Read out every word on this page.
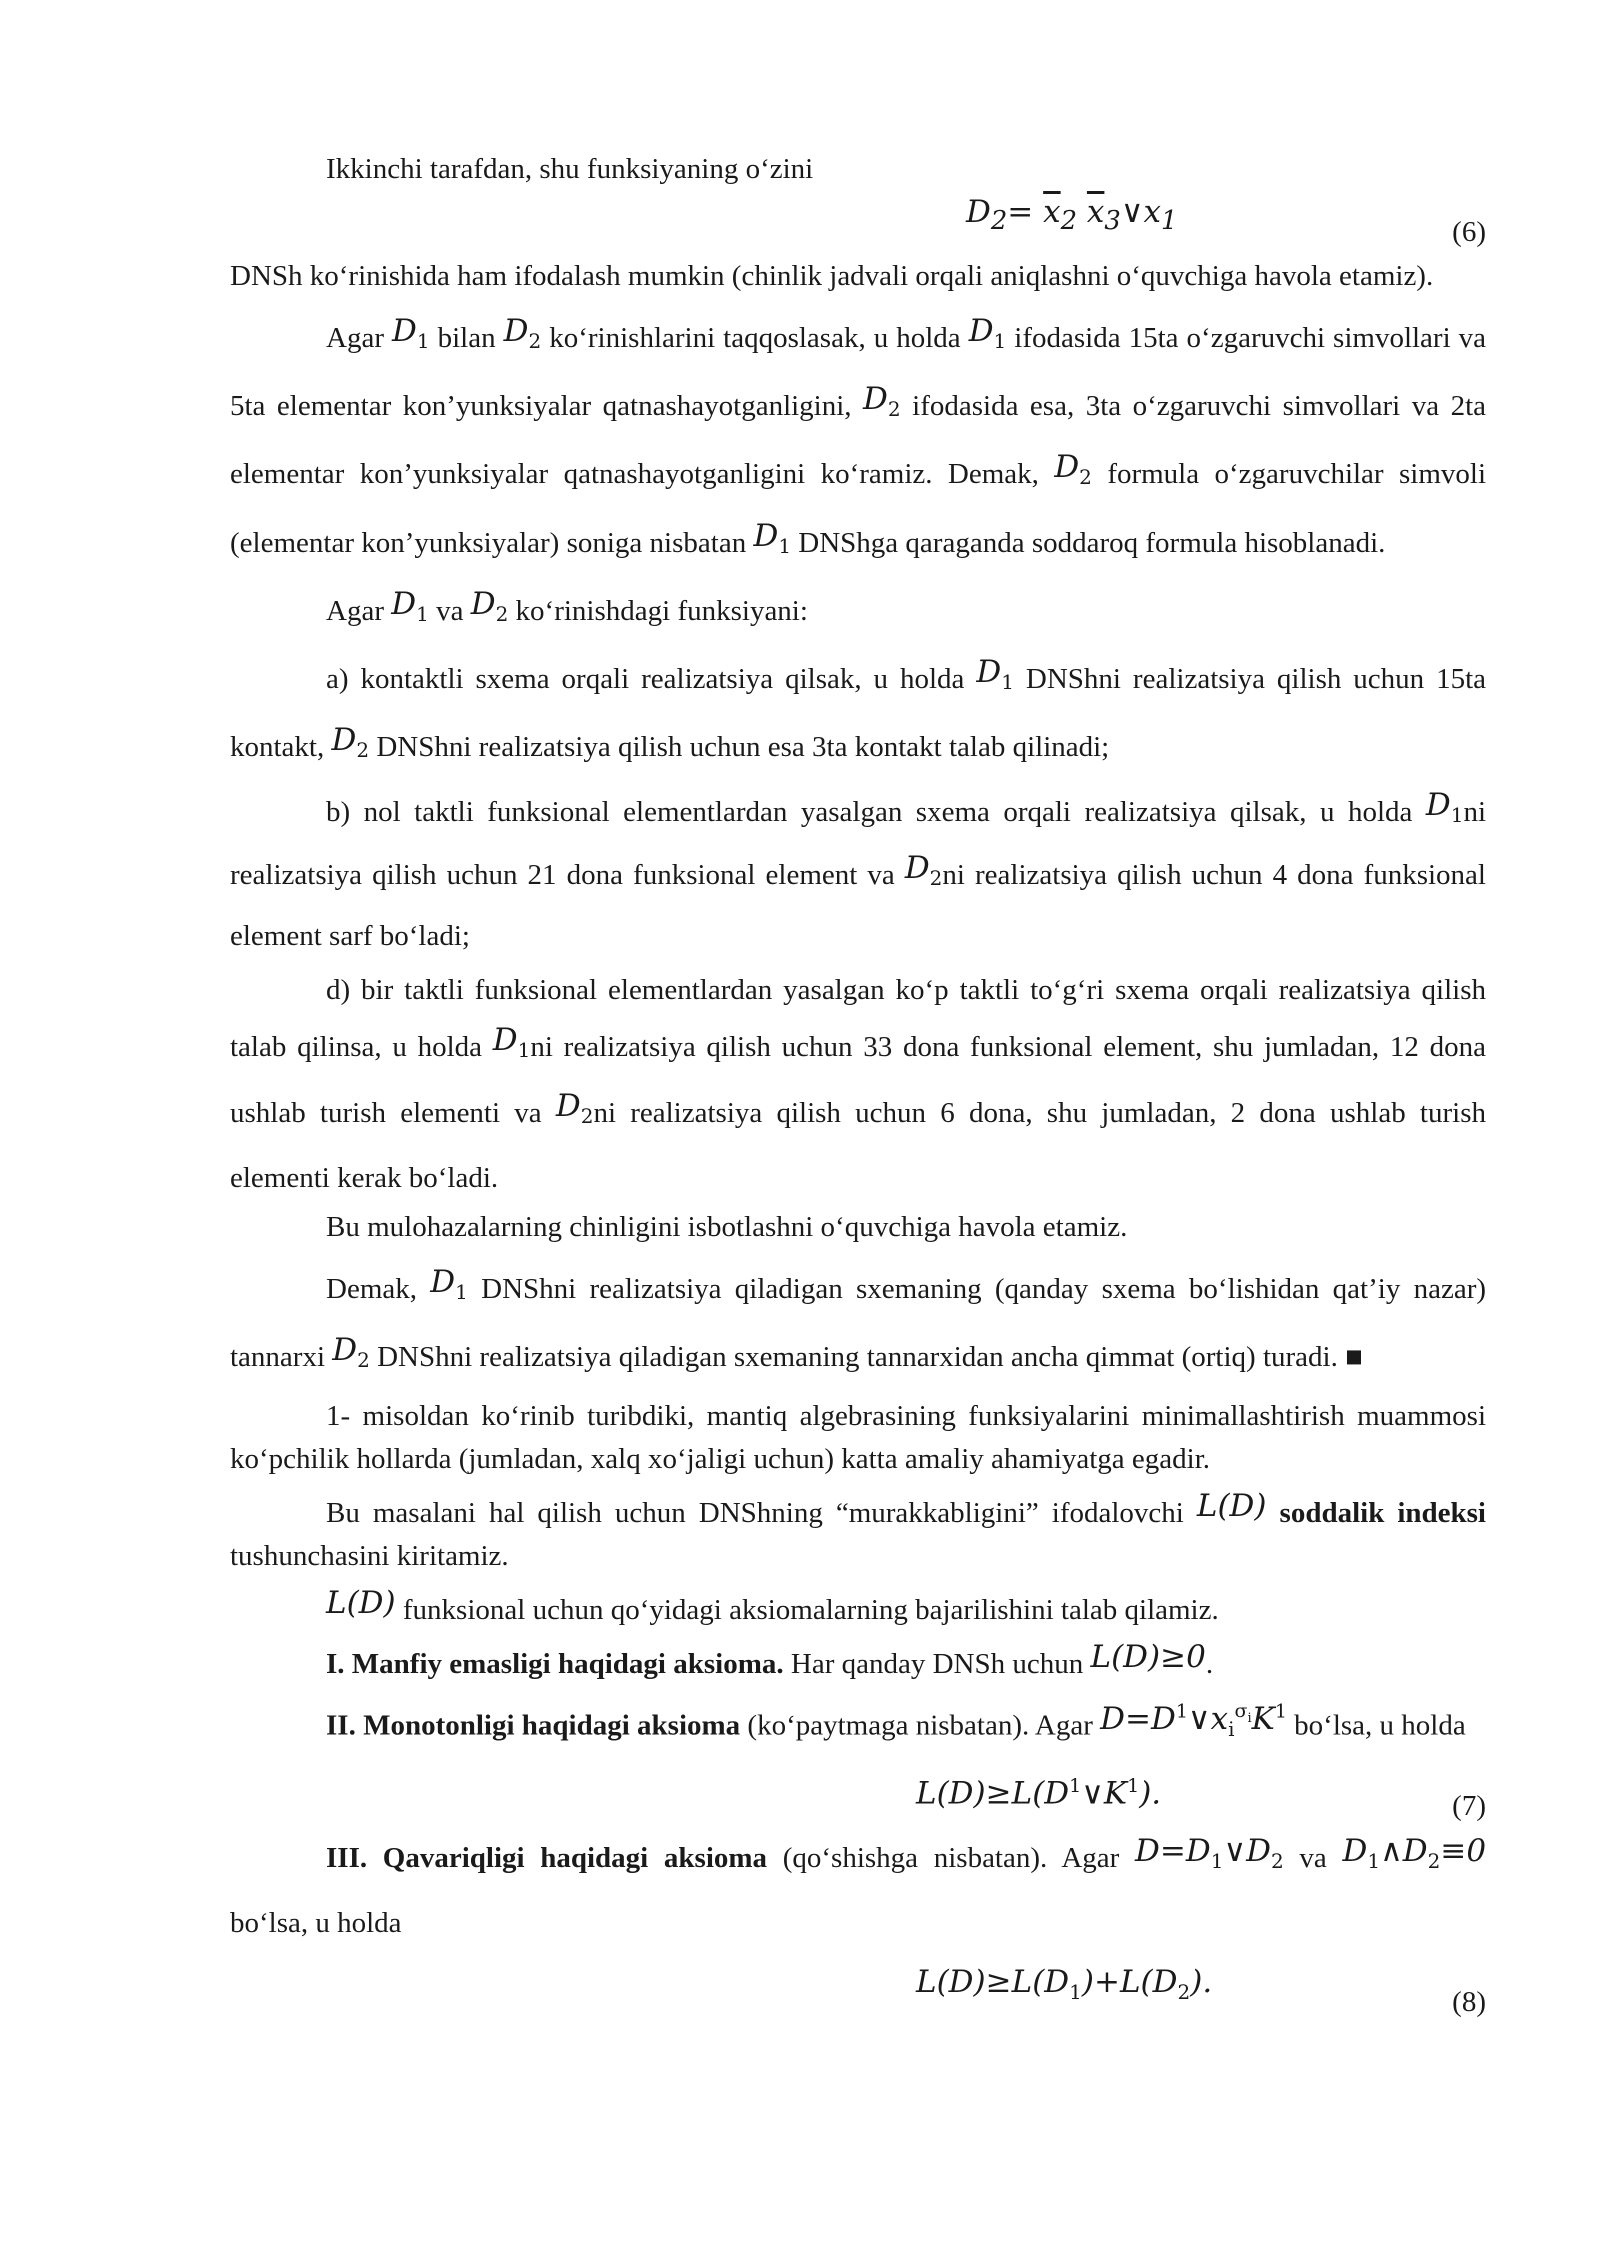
Ikkinchi tarafdan, shu funksiyaning o‘zini

$D_2= \overline{x}_2$ $\overline{x}_3\vee x_1$	(6)

DNSh ko‘rinishida ham ifodalash mumkin (chinlik jadvali orqali aniqlashni o‘quvchiga havola etamiz).

Agar $D_1$ bilan $D_2$ ko‘rinishlarini taqqoslasak, u holda $D_1$ ifodasida 15ta o‘zgaruvchi simvollari va 5ta elementar kon’yunksiyalar qatnashayotganligini, $D_2$ ifodasida esa, 3ta o‘zgaruvchi simvollari va 2ta elementar kon’yunksiyalar qatnashayotganligini ko‘ramiz. Demak, $D_2$ formula o‘zgaruvchilar simvoli (elementar kon’yunksiyalar) soniga nisbatan $D_1$ DNShga qaraganda soddaroq formula hisoblanadi.

Agar $D_1$ va $D_2$ ko‘rinishdagi funksiyani:

a) kontaktli sxema orqali realizatsiya qilsak, u holda $D_1$ DNShni realizatsiya qilish uchun 15ta kontakt, $D_2$ DNShni realizatsiya qilish uchun esa 3ta kontakt talab qilinadi;

b) nol taktli funksional elementlardan yasalgan sxema orqali realizatsiya qilsak, u holda $D_1ni$ realizatsiya qilish uchun 21 dona funksional element va $D_2ni$ realizatsiya qilish uchun 4 dona funksional element sarf bo‘ladi;

d) bir taktli funksional elementlardan yasalgan ko‘p taktli to‘g‘ri sxema orqali realizatsiya qilish talab qilinsa, u holda $D_1ni$ realizatsiya qilish uchun 33 dona funksional element, shu jumladan, 12 dona ushlab turish elementi va $D_2ni$ realizatsiya qilish uchun 6 dona, shu jumladan, 2 dona ushlab turish elementi kerak bo‘ladi.

Bu mulohazalarning chinligini isbotlashni o‘quvchiga havola etamiz.

Demak, $D_1$ DNShni realizatsiya qiladigan sxemaning (qanday sxema bo‘lishidan qat’iy nazar) tannarxi $D_2$ DNShni realizatsiya qiladigan sxemaning tannarxidan ancha qimmat (ortiq) turadi. ■

1- misoldan ko‘rinib turibdiki, mantiq algebrasining funksiyalarini minimallashtirish muammosi ko‘pchilik hollarda (jumladan, xalq xo‘jaligi uchun) katta amaliy ahamiyatga egadir.

Bu masalani hal qilish uchun DNShning “murakkabligini” ifodalovchi L(D) soddalik indeksi tushunchasini kiritamiz.

L(D) funksional uchun qo‘yidagi aksiomalarning bajarilishini talab qilamiz.

I. Manfiy emasligi haqidagi aksioma. Har qanday DNSh uchun L(D)≥0.

II. Monotonligi haqidagi aksioma (ko‘paytmaga nisbatan). Agar $D=D^1\vee x_i^{\sigma_i}K^1$ bo‘lsa, u holda

$L(D)\ge L(D^1\vee K^1)$.	(7)

III. Qavariqligi haqidagi aksioma (qo‘shishga nisbatan). Agar $D=D_1\vee D_2$ va $D_1\wedge D_2\equiv 0$ bo‘lsa, u holda

$L(D)\ge L(D_1)+L(D_2)$.
(8)
